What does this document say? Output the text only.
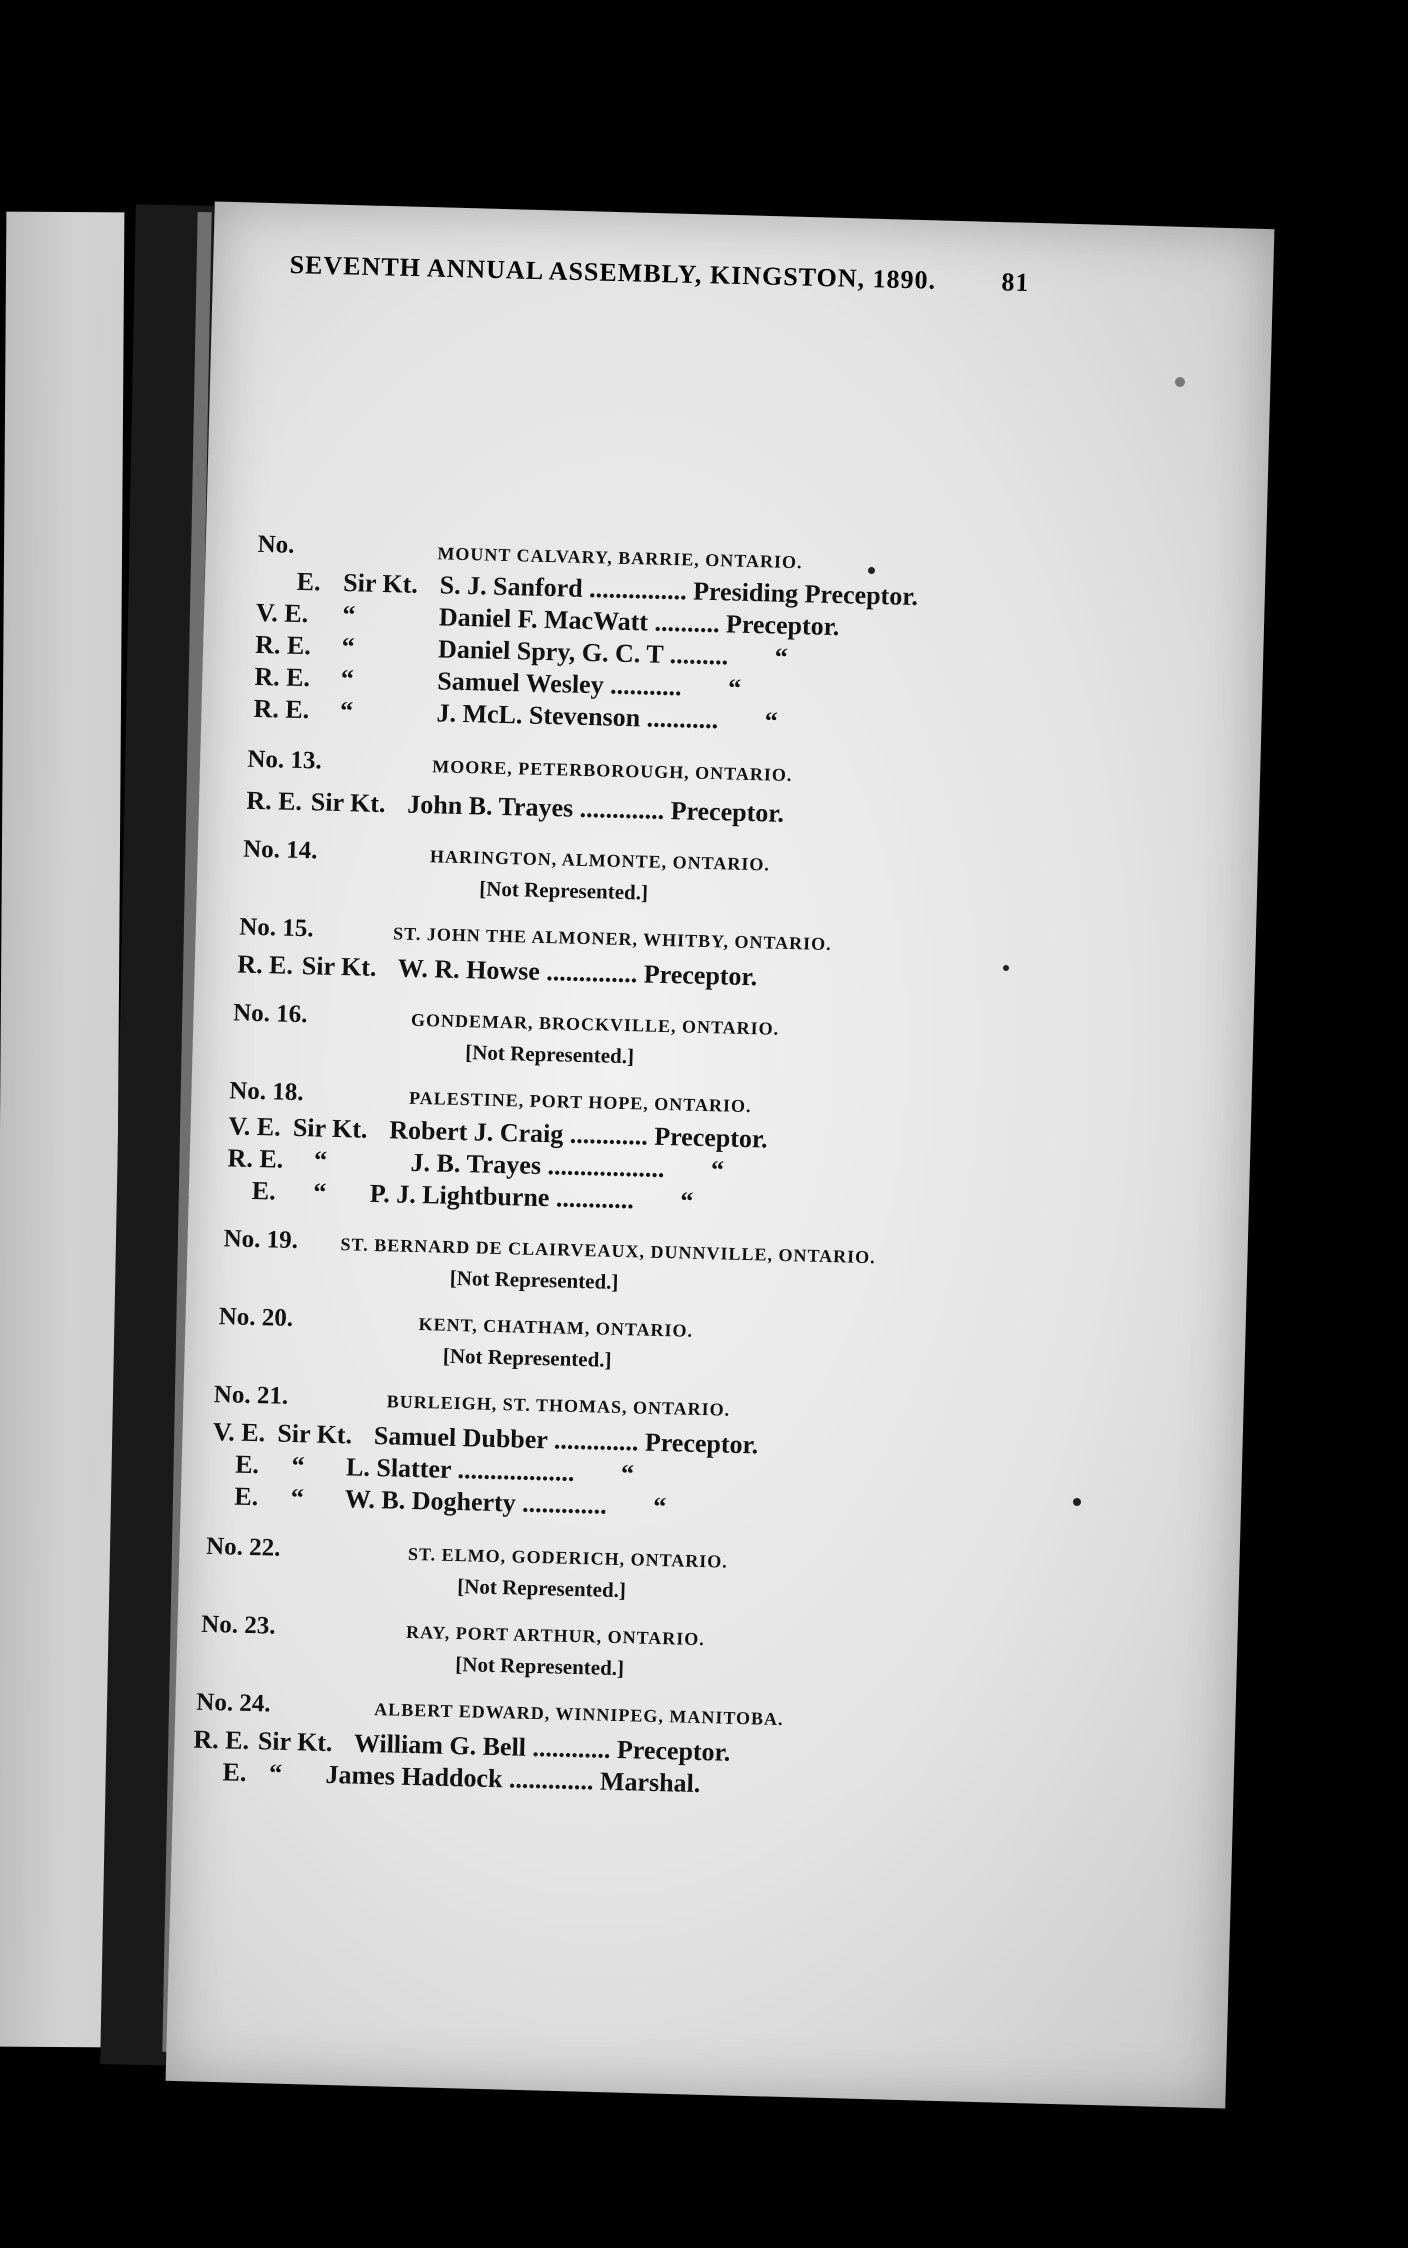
SEVENTH ANNUAL ASSEMBLY, KINGSTON, 1890. 81
No.	MOUNT CALVARY, BARRIE, ONTARIO.
E. Sir Kt. S. J. Sanford ............... Presiding Preceptor.
V. E. “	Daniel F. MacWatt .......... Preceptor.
R. E. “	Daniel Spry, G. C. T ......... “
R. E. “	Samuel Wesley ........... “
R. E. “	J. McL. Stevenson ........... “
No. 13.	MOORE, PETERBOROUGH, ONTARIO.
R. E. Sir Kt. John B. Trayes ............. Preceptor.
No. 14.	HARINGTON, ALMONTE, ONTARIO.
[Not Represented.]
No. 15.	ST. JOHN THE ALMONER, WHITBY, ONTARIO.
R. E. Sir Kt. W. R. Howse .............. Preceptor.
No. 16.	GONDEMAR, BROCKVILLE, ONTARIO.
[Not Represented.]
No. 18.	PALESTINE, PORT HOPE, ONTARIO.
V. E. Sir Kt. Robert J. Craig ............ Preceptor.
R. E. “	J. B. Trayes .................. “
E. “ P. J. Lightburne ............ “
No. 19. ST. BERNARD DE CLAIRVEAUX, DUNNVILLE, ONTARIO.
[Not Represented.]
No. 20.	KENT, CHATHAM, ONTARIO.
[Not Represented.]
No. 21.	BURLEIGH, ST. THOMAS, ONTARIO.
V. E. Sir Kt. Samuel Dubber ............. Preceptor.
E. “ L. Slatter .................. “
E. “ W. B. Dogherty ............. “
No. 22.	ST. ELMO, GODERICH, ONTARIO.
[Not Represented.]
No. 23.	RAY, PORT ARTHUR, ONTARIO.
[Not Represented.]
No. 24.	ALBERT EDWARD, WINNIPEG, MANITOBA.
R. E. Sir Kt. William G. Bell ............ Preceptor.
E. “ James Haddock ............. Marshal.
